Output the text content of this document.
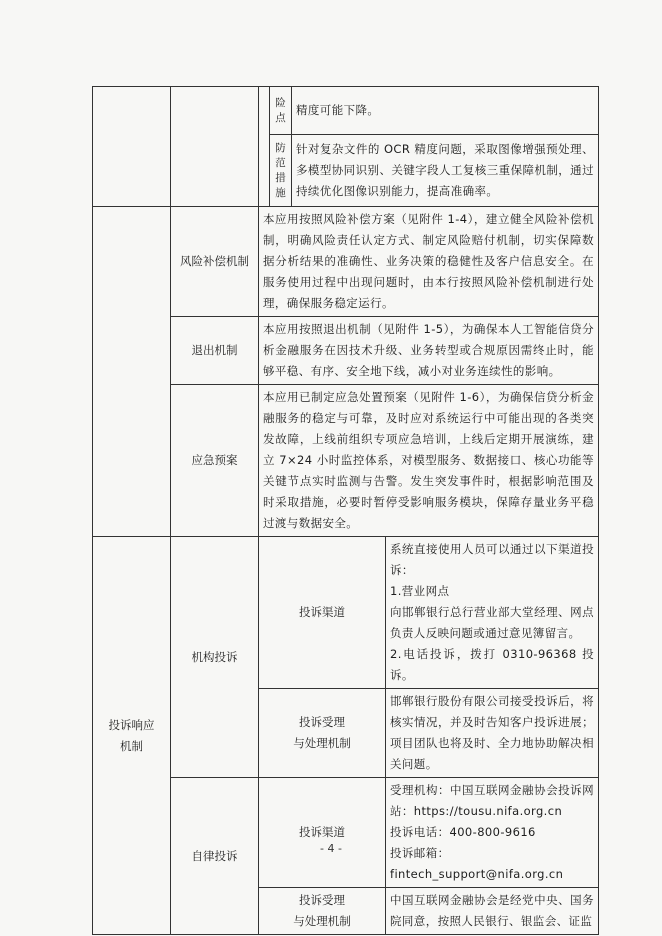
			险
点	精度可能下降。	
			防
范
措
施	针对复杂文件的 OCR 精度问题，采取图像增强预处理、多模型协同识别、关键字段人工复核三重保障机制，通过持续优化图像识别能力，提高准确率。	
	风险补偿机制	本应用按照风险补偿方案（见附件 1-4），建立健全风险补偿机制，明确风险责任认定方式、制定风险赔付机制，切实保障数据分析结果的准确性、业务决策的稳健性及客户信息安全。在服务使用过程中出现问题时，由本行按照风险补偿机制进行处理，确保服务稳定运行。			
	退出机制	本应用按照退出机制（见附件 1-5），为确保本人工智能信贷分析金融服务在因技术升级、业务转型或合规原因需终止时，能够平稳、有序、安全地下线，减小对业务连续性的影响。			
	应急预案	本应用已制定应急处置预案（见附件 1-6），为确保信贷分析金融服务的稳定与可靠，及时应对系统运行中可能出现的各类突发故障，上线前组织专项应急培训，上线后定期开展演练，建立 7×24 小时监控体系，对模型服务、数据接口、核心功能等关键节点实时监测与告警。发生突发事件时，根据影响范围及时采取措施，必要时暂停受影响服务模块，保障存量业务平稳过渡与数据安全。			
投诉响应
机制	机构投诉	投诉渠道			系统直接使用人员可以通过以下渠道投诉：
1.营业网点
向邯郸银行总行营业部大堂经理、网点负责人反映问题或通过意见簿留言。
2.电话投诉，拨打 0310-96368 投诉。
		投诉受理
与处理机制			邯郸银行股份有限公司接受投诉后，将核实情况，并及时告知客户投诉进展；项目团队也将及时、全力地协助解决相关问题。
	自律投诉	投诉渠道			受理机构：中国互联网金融协会投诉网站：https://tousu.nifa.org.cn
投诉电话：400-800-9616
投诉邮箱：
fintech_support@nifa.org.cn
		投诉受理
与处理机制			中国互联网金融协会是经党中央、国务院同意，按照人民银行、银监会、证监
- 4 -
